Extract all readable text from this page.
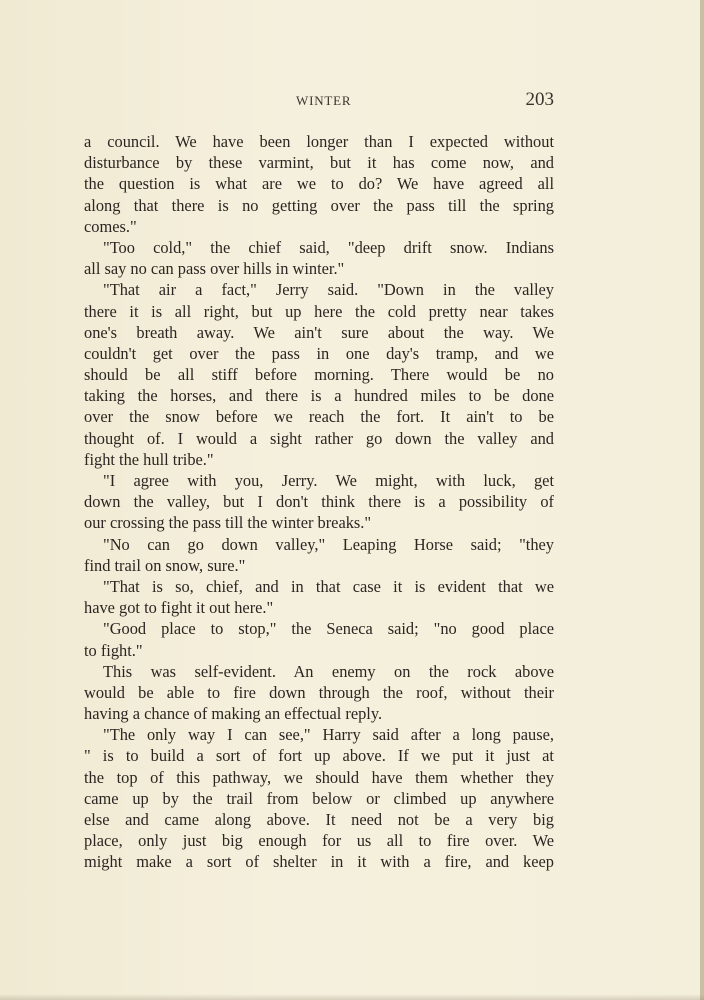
WINTER	203
a council. We have been longer than I expected without
disturbance by these varmint, but it has come now, and
the question is what are we to do? We have agreed all
along that there is no getting over the pass till the spring
comes."
"Too cold," the chief said, "deep drift snow. Indians
all say no can pass over hills in winter."
"That air a fact," Jerry said. "Down in the valley
there it is all right, but up here the cold pretty near takes
one's breath away. We ain't sure about the way. We
couldn't get over the pass in one day's tramp, and we
should be all stiff before morning. There would be no
taking the horses, and there is a hundred miles to be done
over the snow before we reach the fort. It ain't to be
thought of. I would a sight rather go down the valley and
fight the hull tribe."
"I agree with you, Jerry. We might, with luck, get
down the valley, but I don't think there is a possibility of
our crossing the pass till the winter breaks."
"No can go down valley," Leaping Horse said; "they
find trail on snow, sure."
"That is so, chief, and in that case it is evident that we
have got to fight it out here."
"Good place to stop," the Seneca said; "no good place
to fight."
This was self-evident. An enemy on the rock above
would be able to fire down through the roof, without their
having a chance of making an effectual reply.
"The only way I can see," Harry said after a long pause,
" is to build a sort of fort up above. If we put it just at
the top of this pathway, we should have them whether they
came up by the trail from below or climbed up anywhere
else and came along above. It need not be a very big
place, only just big enough for us all to fire over. We
might make a sort of shelter in it with a fire, and keep
